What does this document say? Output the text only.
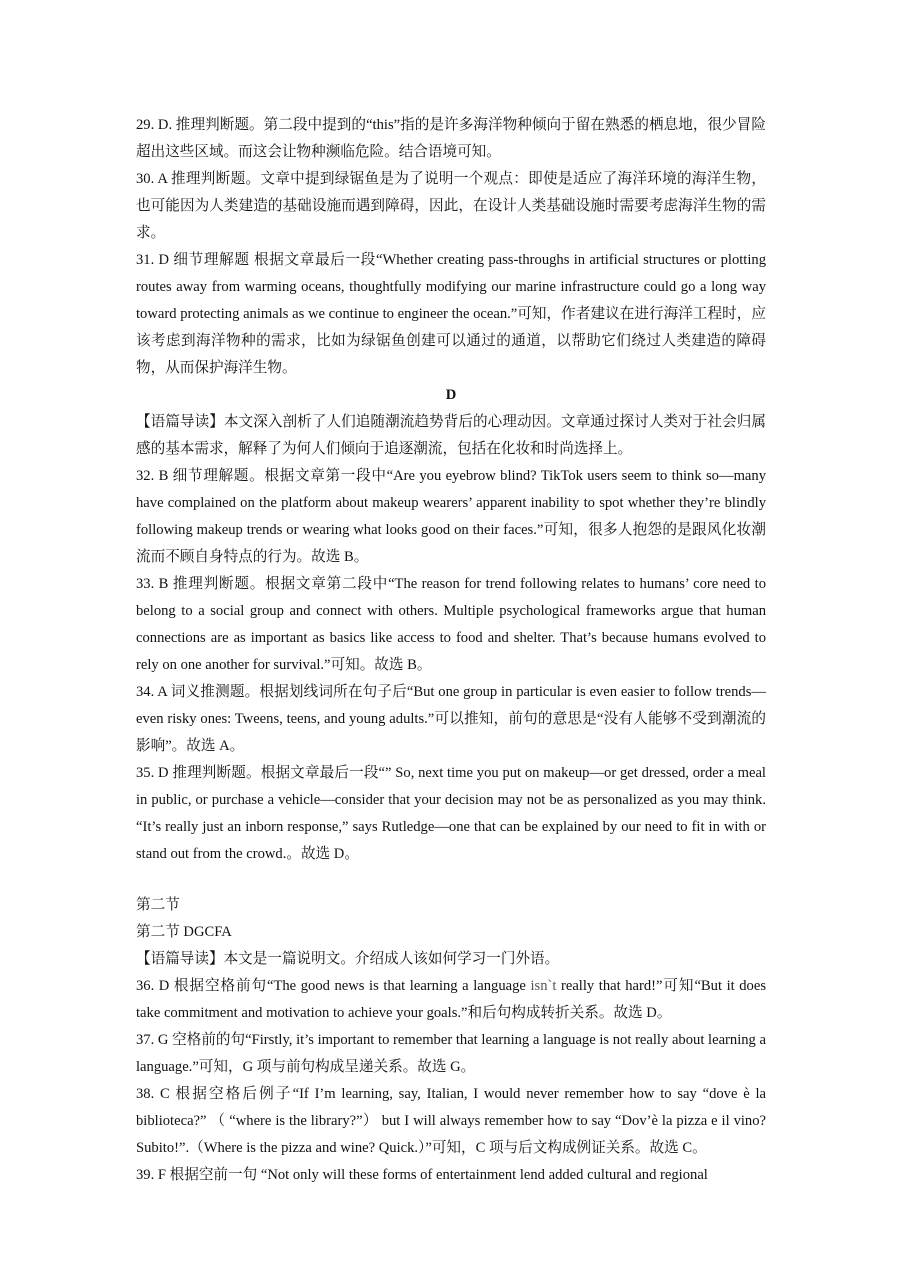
29. D. 推理判断题。第二段中提到的“this”指的是许多海洋物种倾向于留在熟悉的栖息地，很少冒险超出这些区域。而这会让物种濒临危险。结合语境可知。

30. A 推理判断题。文章中提到绿锯鱼是为了说明一个观点：即使是适应了海洋环境的海洋生物，也可能因为人类建造的基础设施而遇到障碍，因此，在设计人类基础设施时需要考虑海洋生物的需求。

31. D 细节理解题 根据文章最后一段“Whether creating pass-throughs in artificial structures or plotting routes away from warming oceans, thoughtfully modifying our marine infrastructure could go a long way toward protecting animals as we continue to engineer the ocean.”可知，作者建议在进行海洋工程时，应该考虑到海洋物种的需求，比如为绿锯鱼创建可以通过的通道，以帮助它们绕过人类建造的障碍物，从而保护海洋生物。

D

【语篇导读】本文深入剖析了人们追随潮流趋势背后的心理动因。文章通过探讨人类对于社会归属感的基本需求，解释了为何人们倾向于追逐潮流，包括在化妆和时尚选择上。

32. B 细节理解题。根据文章第一段中“Are you eyebrow blind? TikTok users seem to think so—many have complained on the platform about makeup wearers’ apparent inability to spot whether they’re blindly following makeup trends or wearing what looks good on their faces.”可知，很多人抱怨的是跟风化妆潮流而不顾自身特点的行为。故选 B。

33. B 推理判断题。根据文章第二段中“The reason for trend following relates to humans’ core need to belong to a social group and connect with others. Multiple psychological frameworks argue that human connections are as important as basics like access to food and shelter. That’s because humans evolved to rely on one another for survival.”可知。故选 B。

34. A 词义推测题。根据划线词所在句子后“But one group in particular is even easier to follow trends—even risky ones: Tweens, teens, and young adults.”可以推知，前句的意思是“没有人能够不受到潮流的影响”。故选 A。

35. D 推理判断题。根据文章最后一段“” So, next time you put on makeup—or get dressed, order a meal in public, or purchase a vehicle—consider that your decision may not be as personalized as you may think. “It’s really just an inborn response,” says Rutledge—one that can be explained by our need to fit in with or stand out from the crowd.。故选 D。

第二节

第二节 DGCFA

【语篇导读】本文是一篇说明文。介绍成人该如何学习一门外语。

36. D 根据空格前句“The good news is that learning a language isn`t really that hard!”可知“But it does take commitment and motivation to achieve your goals.”和后句构成转折关系。故选 D。

37. G 空格前的句“Firstly, it’s important to remember that learning a language is not really about learning a language.”可知，G 项与前句构成呈递关系。故选 G。

38. C 根据空格后例子“If I’m learning, say, Italian, I would never remember how to say “dove è la biblioteca?” （ “where is the library?”） but I will always remember how to say “Dov’è la pizza e il vino? Subito!”.（Where is the pizza and wine? Quick.）”可知，C 项与后文构成例证关系。故选 C。

39. F 根据空前一句 “Not only will these forms of entertainment lend added cultural and regional
